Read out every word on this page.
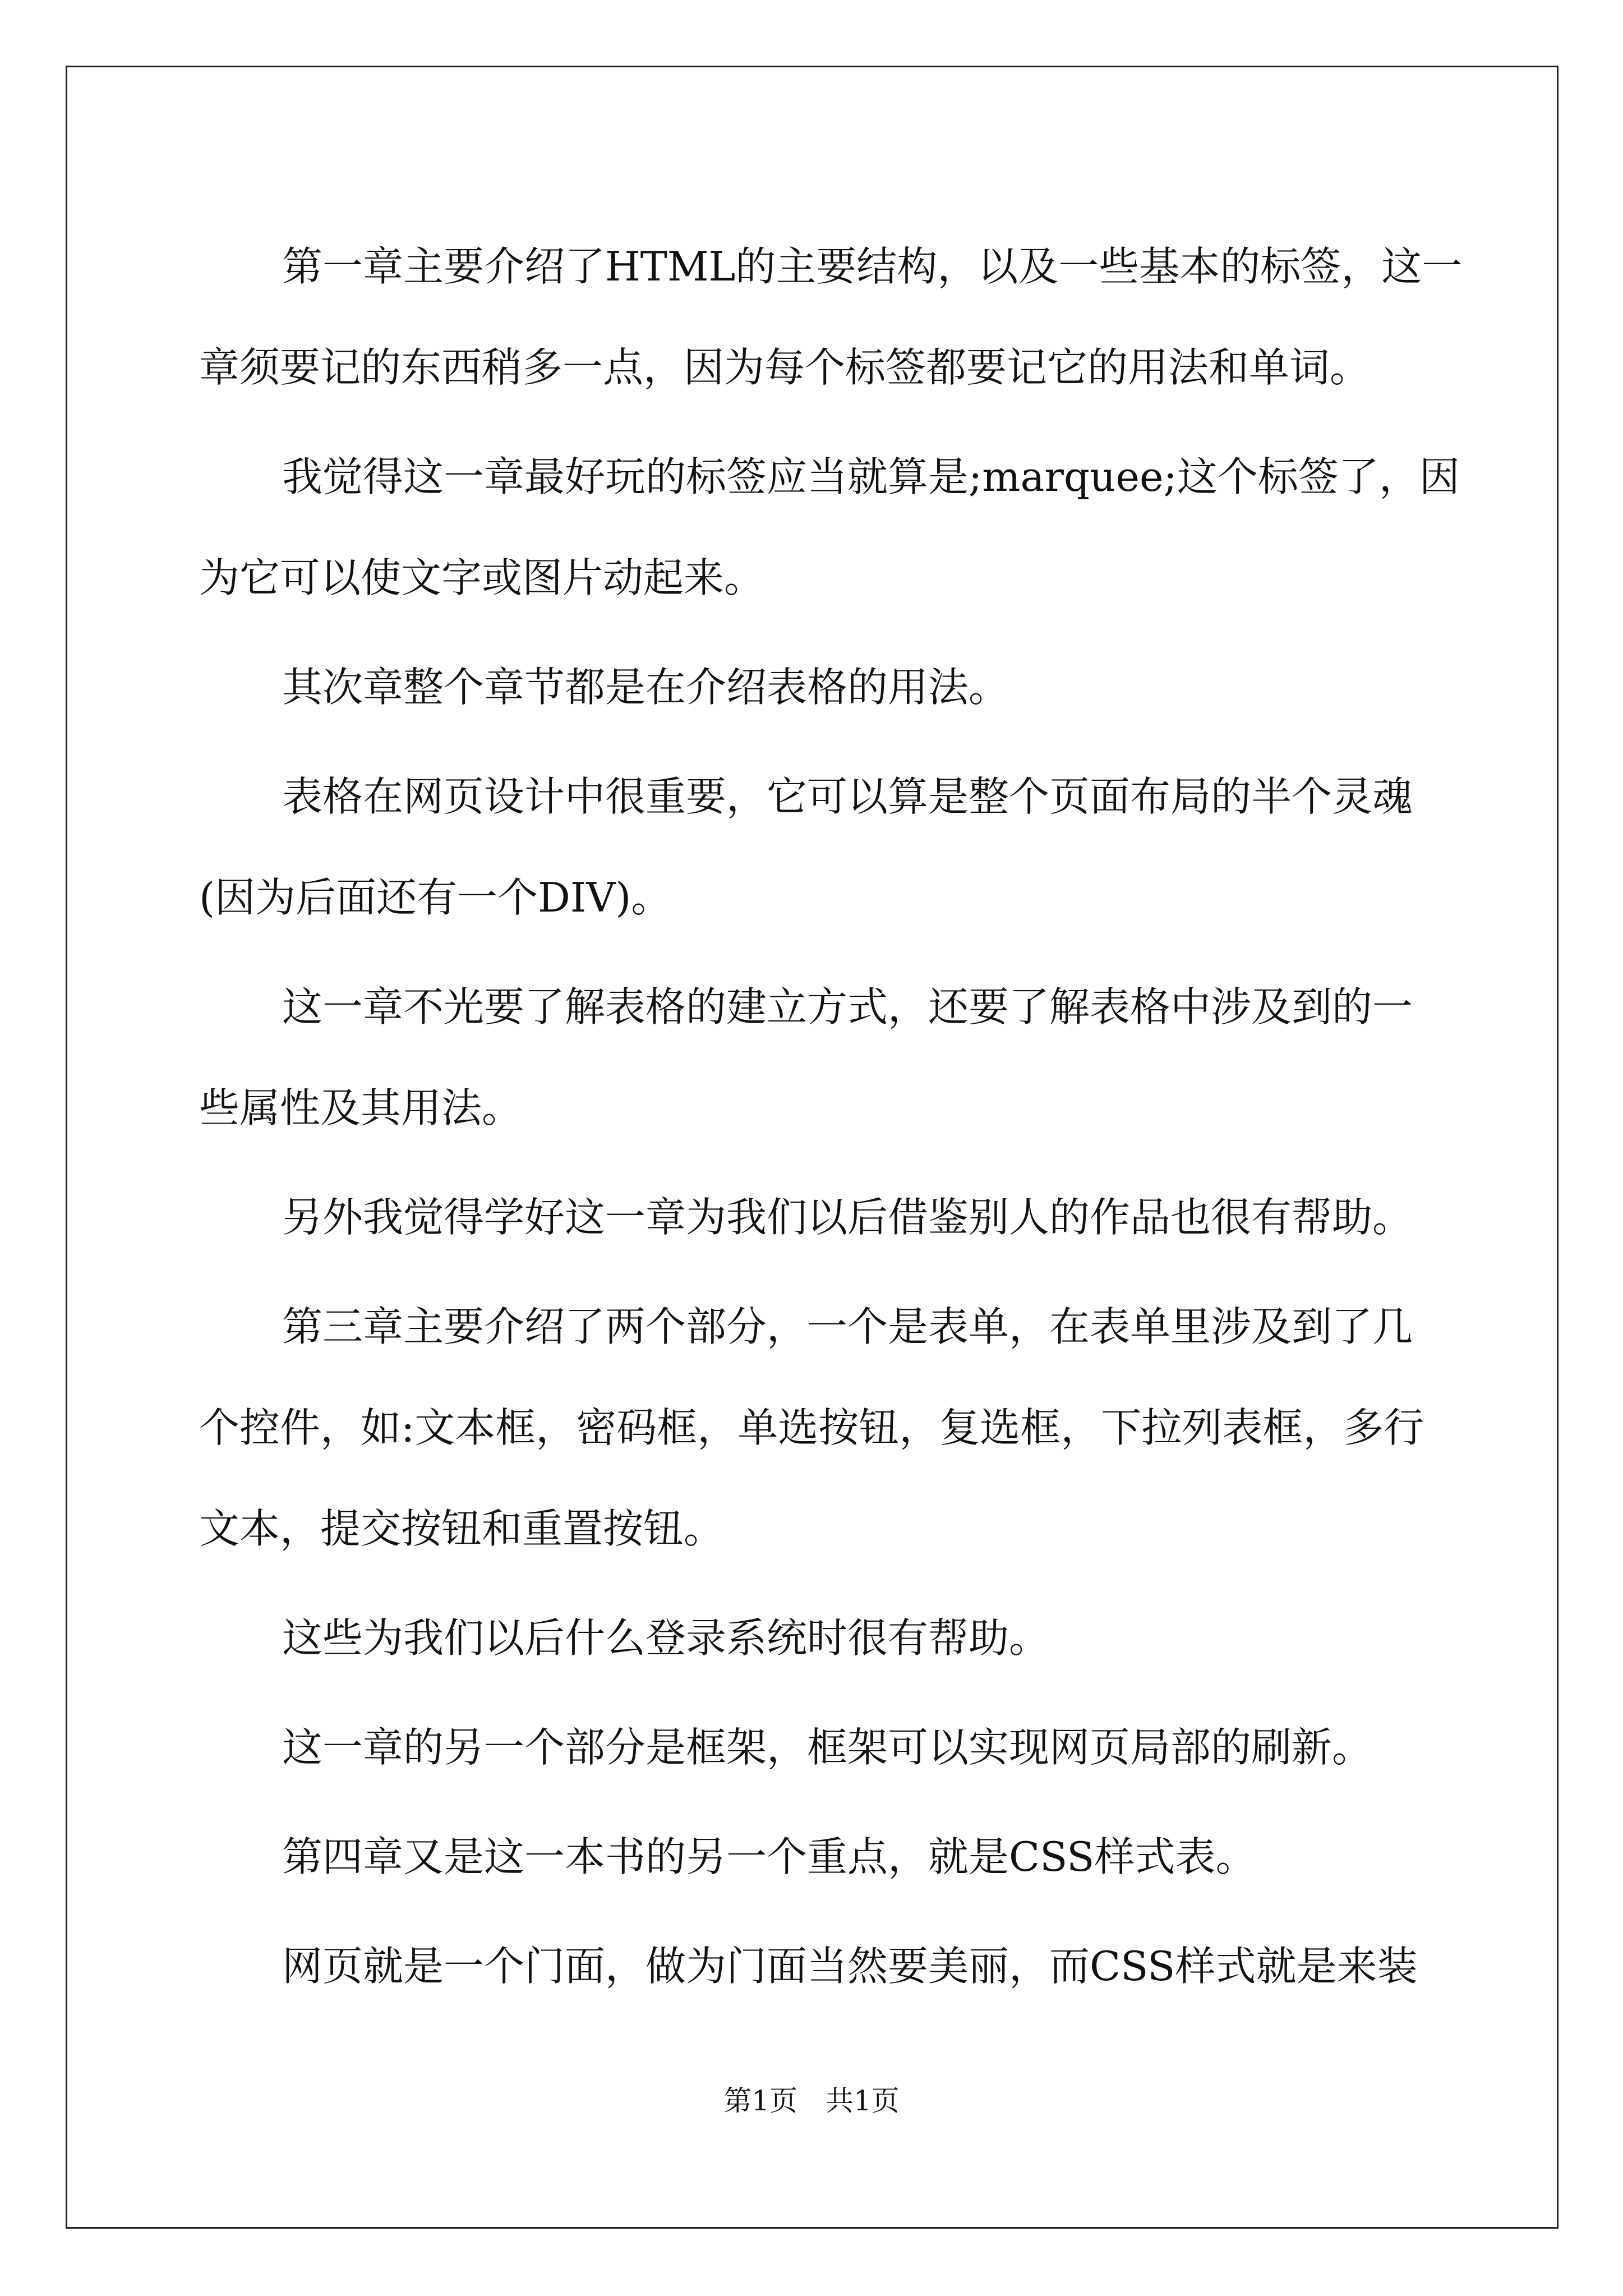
第一章主要介绍了HTML的主要结构，以及一些基本的标签，这一
章须要记的东西稍多一点，因为每个标签都要记它的用法和单词。
我觉得这一章最好玩的标签应当就算是;marquee;这个标签了，因
为它可以使文字或图片动起来。
其次章整个章节都是在介绍表格的用法。
表格在网页设计中很重要，它可以算是整个页面布局的半个灵魂
(因为后面还有一个DIV)。
这一章不光要了解表格的建立方式，还要了解表格中涉及到的一
些属性及其用法。
另外我觉得学好这一章为我们以后借鉴别人的作品也很有帮助。
第三章主要介绍了两个部分，一个是表单，在表单里涉及到了几
个控件，如:文本框，密码框，单选按钮，复选框，下拉列表框，多行
文本，提交按钮和重置按钮。
这些为我们以后什么登录系统时很有帮助。
这一章的另一个部分是框架，框架可以实现网页局部的刷新。
第四章又是这一本书的另一个重点，就是CSS样式表。
网页就是一个门面，做为门面当然要美丽，而CSS样式就是来装
第1页 共1页
